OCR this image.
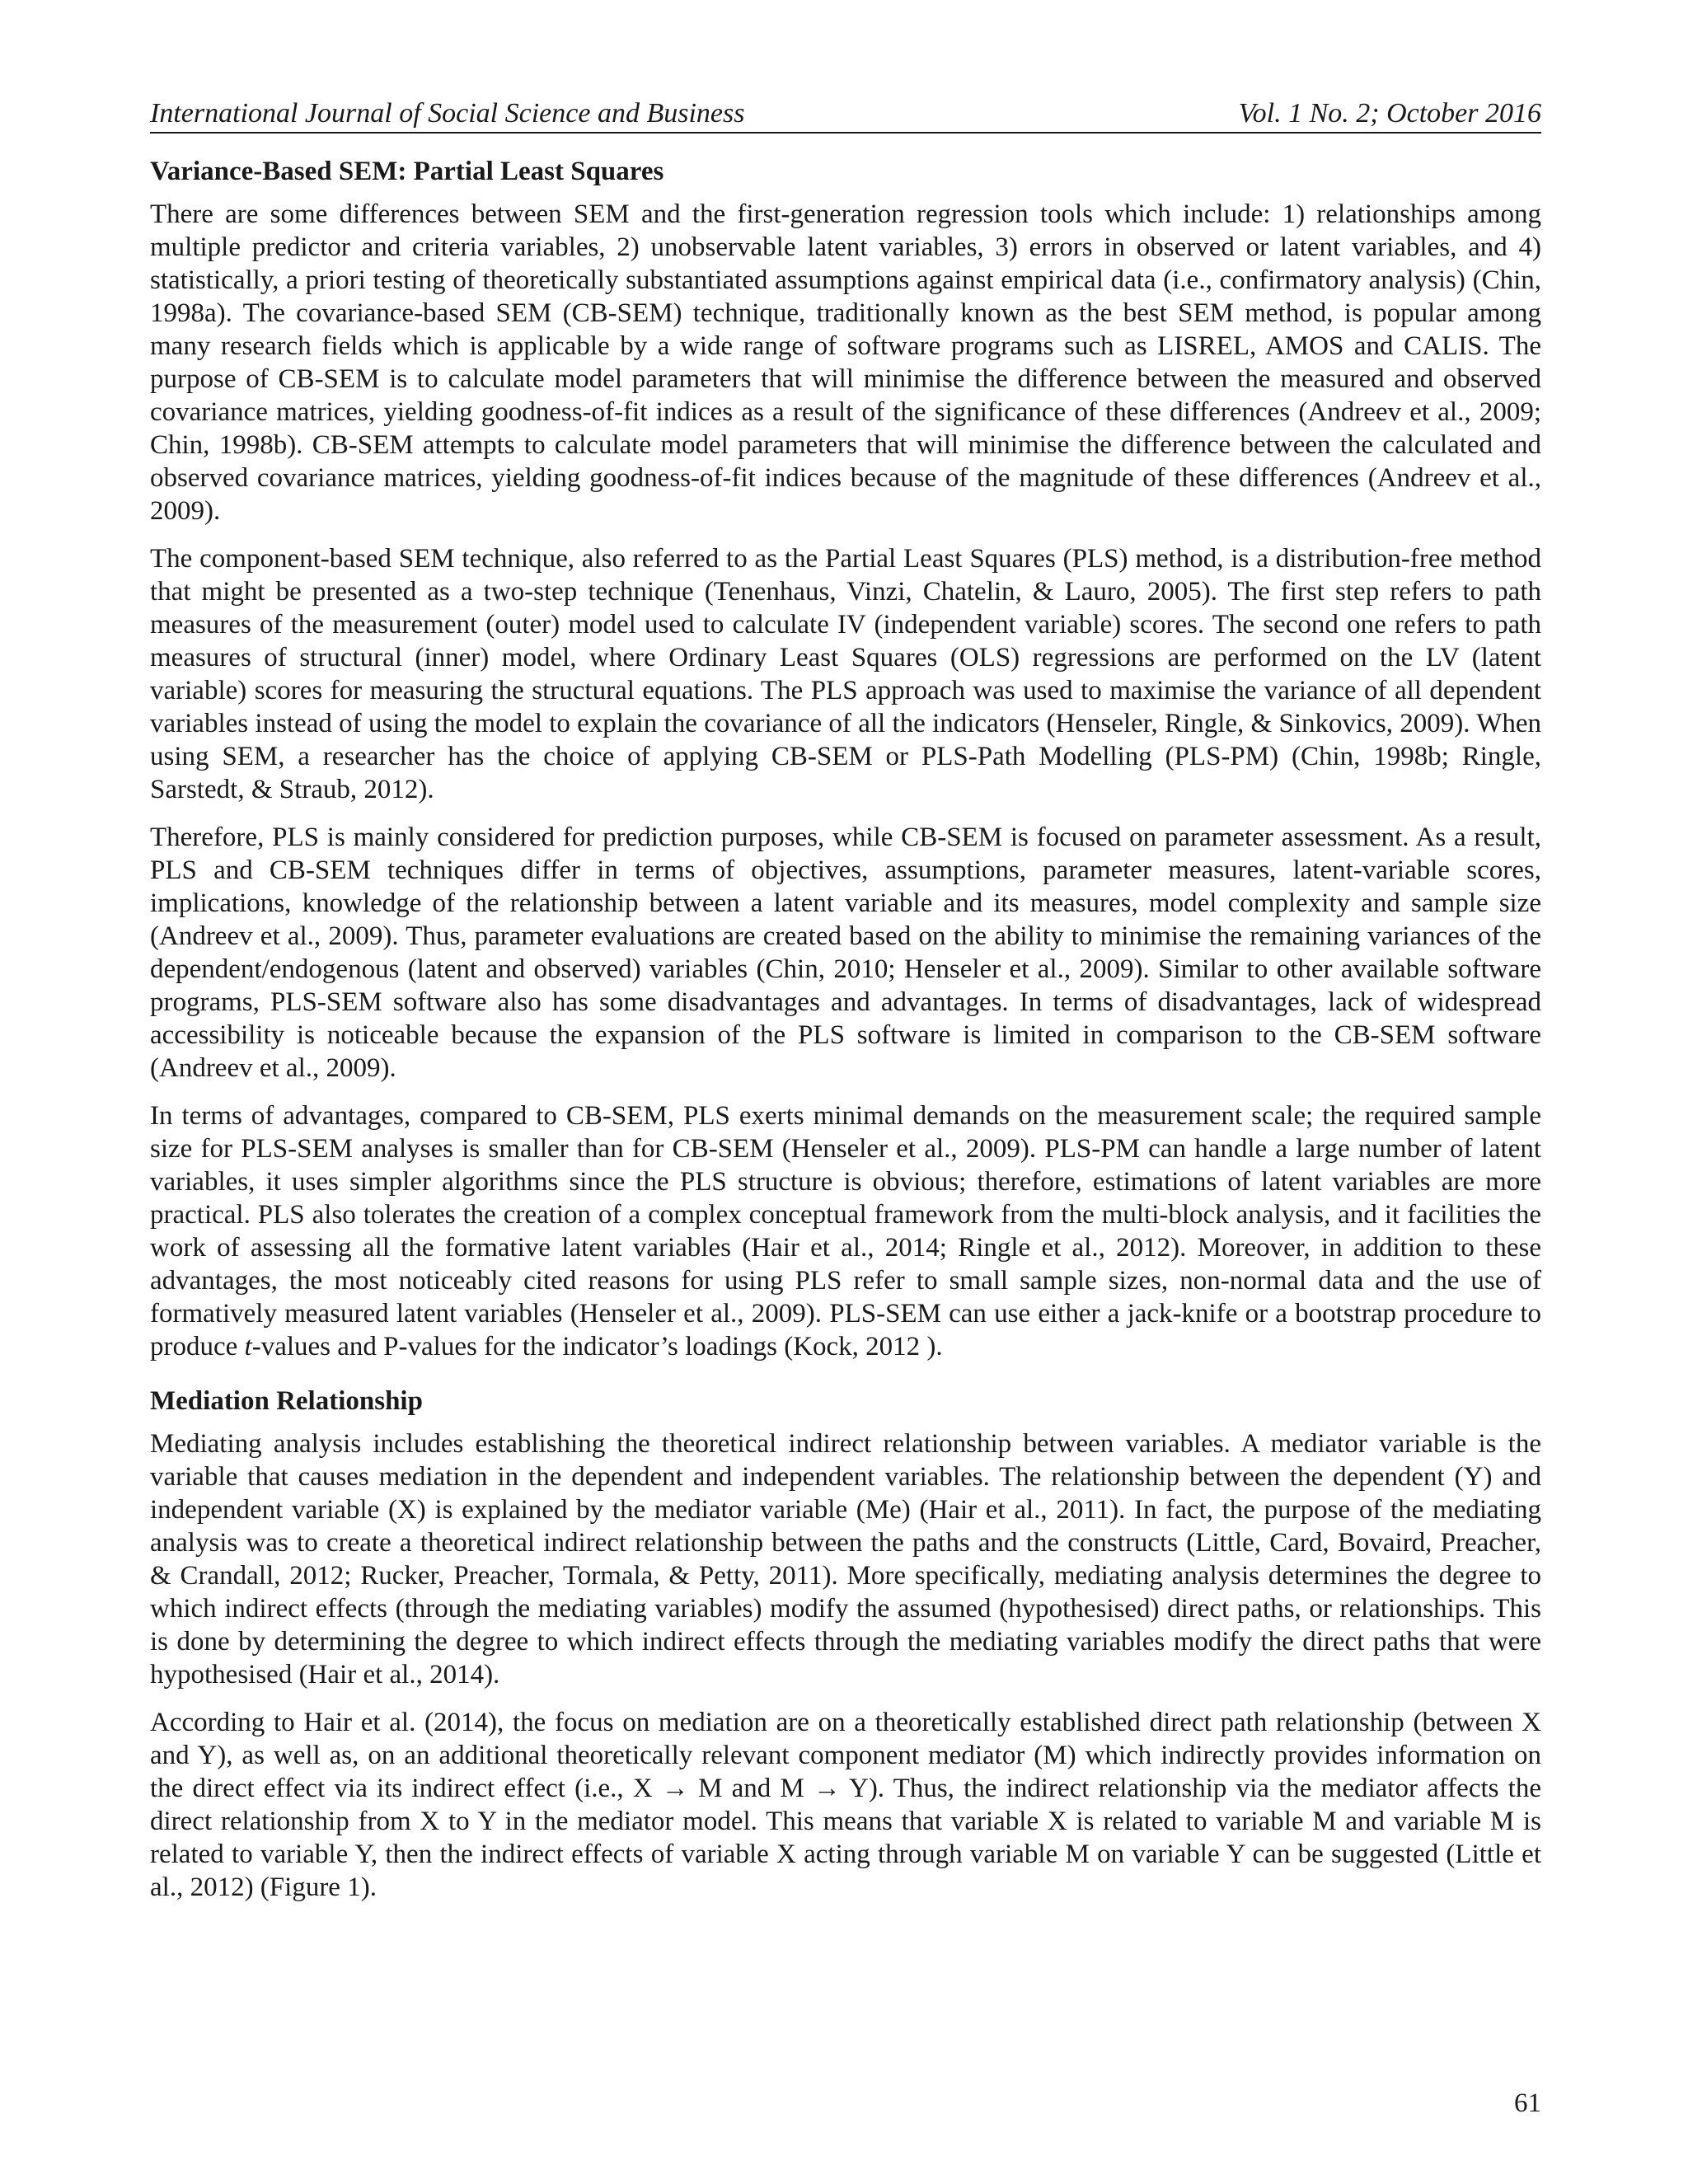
International Journal of Social Science and Business	Vol. 1 No. 2; October 2016
Variance-Based SEM: Partial Least Squares

There are some differences between SEM and the first-generation regression tools which include: 1) relationships among multiple predictor and criteria variables, 2) unobservable latent variables, 3) errors in observed or latent variables, and 4) statistically, a priori testing of theoretically substantiated assumptions against empirical data (i.e., confirmatory analysis) (Chin, 1998a). The covariance-based SEM (CB-SEM) technique, traditionally known as the best SEM method, is popular among many research fields which is applicable by a wide range of software programs such as LISREL, AMOS and CALIS. The purpose of CB-SEM is to calculate model parameters that will minimise the difference between the measured and observed covariance matrices, yielding goodness-of-fit indices as a result of the significance of these differences (Andreev et al., 2009; Chin, 1998b). CB-SEM attempts to calculate model parameters that will minimise the difference between the calculated and observed covariance matrices, yielding goodness-of-fit indices because of the magnitude of these differences (Andreev et al., 2009).

The component-based SEM technique, also referred to as the Partial Least Squares (PLS) method, is a distribution-free method that might be presented as a two-step technique (Tenenhaus, Vinzi, Chatelin, & Lauro, 2005). The first step refers to path measures of the measurement (outer) model used to calculate IV (independent variable) scores. The second one refers to path measures of structural (inner) model, where Ordinary Least Squares (OLS) regressions are performed on the LV (latent variable) scores for measuring the structural equations. The PLS approach was used to maximise the variance of all dependent variables instead of using the model to explain the covariance of all the indicators (Henseler, Ringle, & Sinkovics, 2009). When using SEM, a researcher has the choice of applying CB-SEM or PLS-Path Modelling (PLS-PM) (Chin, 1998b; Ringle, Sarstedt, & Straub, 2012).

Therefore, PLS is mainly considered for prediction purposes, while CB-SEM is focused on parameter assessment. As a result, PLS and CB-SEM techniques differ in terms of objectives, assumptions, parameter measures, latent-variable scores, implications, knowledge of the relationship between a latent variable and its measures, model complexity and sample size (Andreev et al., 2009). Thus, parameter evaluations are created based on the ability to minimise the remaining variances of the dependent/endogenous (latent and observed) variables (Chin, 2010; Henseler et al., 2009). Similar to other available software programs, PLS-SEM software also has some disadvantages and advantages. In terms of disadvantages, lack of widespread accessibility is noticeable because the expansion of the PLS software is limited in comparison to the CB-SEM software (Andreev et al., 2009).

In terms of advantages, compared to CB-SEM, PLS exerts minimal demands on the measurement scale; the required sample size for PLS-SEM analyses is smaller than for CB-SEM (Henseler et al., 2009). PLS-PM can handle a large number of latent variables, it uses simpler algorithms since the PLS structure is obvious; therefore, estimations of latent variables are more practical. PLS also tolerates the creation of a complex conceptual framework from the multi-block analysis, and it facilities the work of assessing all the formative latent variables (Hair et al., 2014; Ringle et al., 2012). Moreover, in addition to these advantages, the most noticeably cited reasons for using PLS refer to small sample sizes, non-normal data and the use of formatively measured latent variables (Henseler et al., 2009). PLS-SEM can use either a jack-knife or a bootstrap procedure to produce t-values and P-values for the indicator’s loadings (Kock, 2012 ).

Mediation Relationship

Mediating analysis includes establishing the theoretical indirect relationship between variables. A mediator variable is the variable that causes mediation in the dependent and independent variables. The relationship between the dependent (Y) and independent variable (X) is explained by the mediator variable (Me) (Hair et al., 2011). In fact, the purpose of the mediating analysis was to create a theoretical indirect relationship between the paths and the constructs (Little, Card, Bovaird, Preacher, & Crandall, 2012; Rucker, Preacher, Tormala, & Petty, 2011). More specifically, mediating analysis determines the degree to which indirect effects (through the mediating variables) modify the assumed (hypothesised) direct paths, or relationships. This is done by determining the degree to which indirect effects through the mediating variables modify the direct paths that were hypothesised (Hair et al., 2014).

According to Hair et al. (2014), the focus on mediation are on a theoretically established direct path relationship (between X and Y), as well as, on an additional theoretically relevant component mediator (M) which indirectly provides information on the direct effect via its indirect effect (i.e., X → M and M → Y). Thus, the indirect relationship via the mediator affects the direct relationship from X to Y in the mediator model. This means that variable X is related to variable M and variable M is related to variable Y, then the indirect effects of variable X acting through variable M on variable Y can be suggested (Little et al., 2012) (Figure 1).

61
